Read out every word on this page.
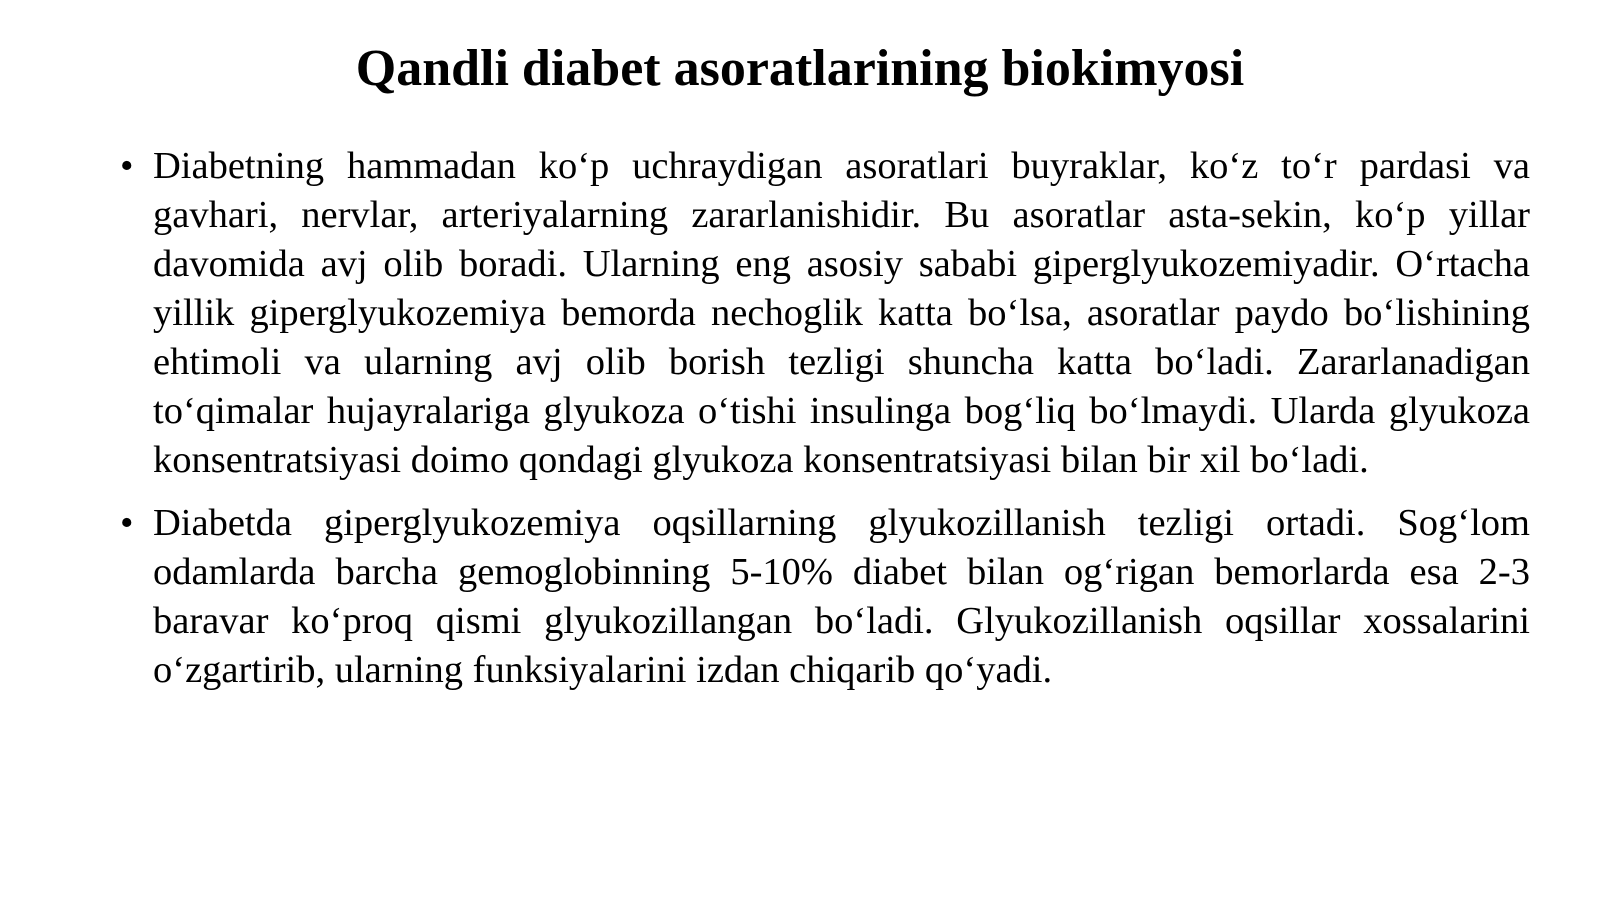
Qandli diabet asoratlarining biokimyosi
• Diabetning hammadan ko‘p uchraydigan asoratlari buyraklar, ko‘z to‘r pardasi va gavhari, nervlar, arteriyalarning zararlanishidir. Bu asoratlar asta-sekin, ko‘p yillar davomida avj olib boradi. Ularning eng asosiy sababi giperglyukozemiyadir. O‘rtacha yillik giperglyukozemiya bemorda nechoglik katta bo‘lsa, asoratlar paydo bo‘lishining ehtimoli va ularning avj olib borish tezligi shuncha katta bo‘ladi. Zararlanadigan to‘qimalar hujayralariga glyukoza o‘tishi insulinga bog‘liq bo‘lmaydi. Ularda glyukoza konsentratsiyasi doimo qondagi glyukoza konsentratsiyasi bilan bir xil bo‘ladi.
• Diabetda giperglyukozemiya oqsillarning glyukozillanish tezligi ortadi. Sog‘lom odamlarda barcha gemoglobinning 5-10% diabet bilan og‘rigan bemorlarda esa 2-3 baravar ko‘proq qismi glyukozillangan bo‘ladi. Glyukozillanish oqsillar xossalarini o‘zgartirib, ularning funksiyalarini izdan chiqarib qo‘yadi.
